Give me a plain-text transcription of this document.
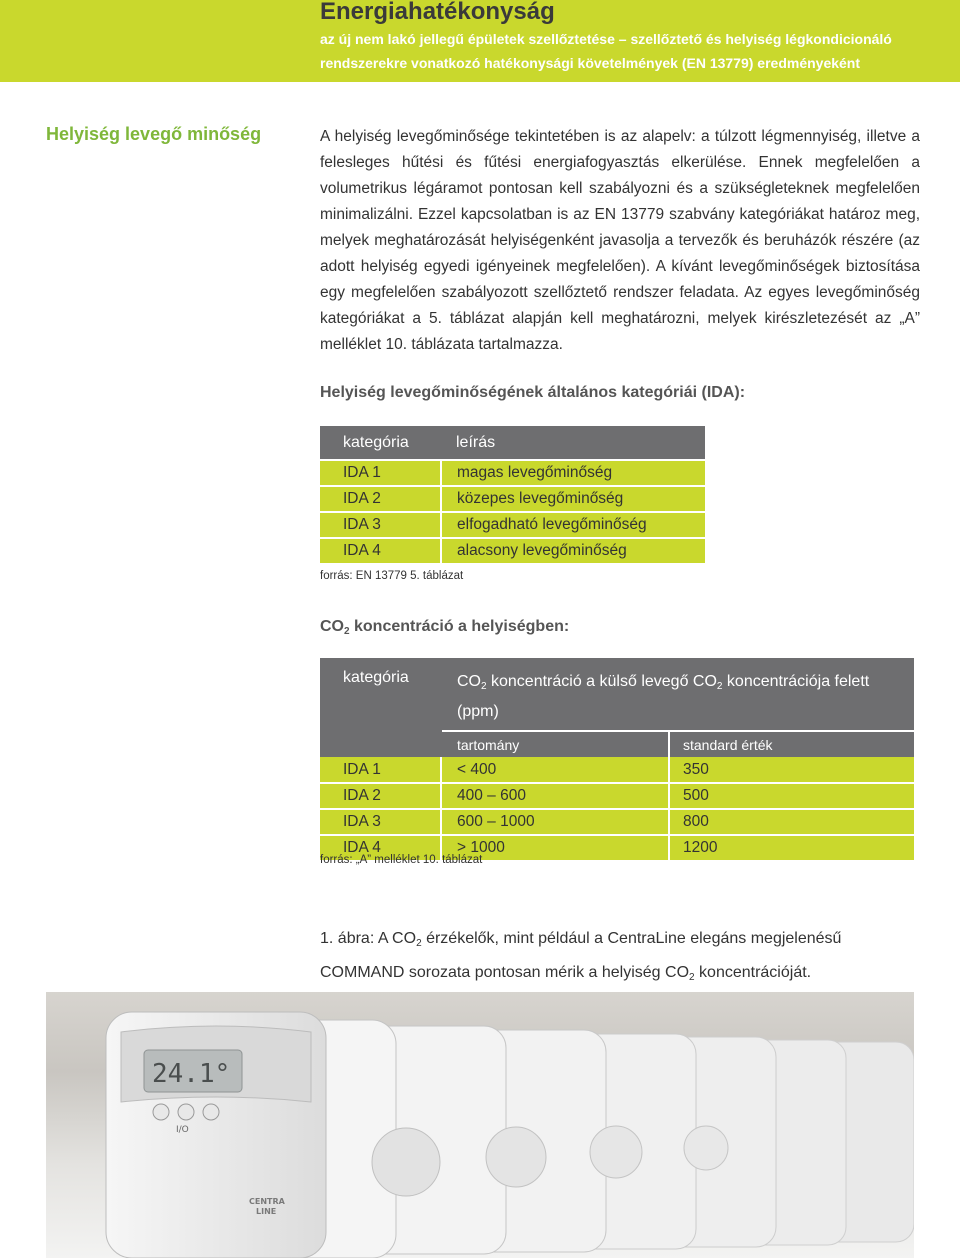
Energiahatékonyság
az új nem lakó jellegű épületek szellőztetése – szellőztető és helyiség légkondicionáló
rendszerekre vonatkozó hatékonysági követelmények (EN 13779) eredményeként
Helyiség levegő minőség	A helyiség levegőminősége tekintetében is az alapelv: a túlzott légmennyiség, illetve a felesleges hűtési és fűtési energiafogyasztás elkerülése. Ennek megfelelően a volumetrikus légáramot pontosan kell szabályozni és a szükségleteknek megfelelően minimalizálni. Ezzel kapcsolatban is az EN 13779 szabvány kategóriákat határoz meg, melyek meghatározását helyiségenként javasolja a tervezők és beruházók részére (az adott helyiség egyedi igényeinek megfelelően). A kívánt levegőminőségek biztosítása egy megfelelően szabályozott szellőztető rendszer feladata. Az egyes levegőminőség kategóriákat a 5. táblázat alapján kell meghatározni, melyek kirészletezését az „A” melléklet 10. táblázata tartalmazza.
Helyiség levegőminőségének általános kategóriái (IDA):
kategória	leírás
IDA 1	magas levegőminőség
IDA 2	közepes levegőminőség
IDA 3	elfogadható levegőminőség
IDA 4	alacsony levegőminőség
forrás: EN 13779 5. táblázat
$CO_2$ koncentráció a helyiségben:
kategória	$CO_2$ koncentráció a külső levegő $CO_2$ koncentrációja felett (ppm)	
	tartomány	standard érték
IDA 1	< 400	350
IDA 2	400 – 600	500
IDA 3	600 – 1000	800
IDA 4	> 1000	1200
forrás: „A” melléklet 10. táblázat
1. ábra: A $CO_2$ érzékelők, mint például a CentraLine elegáns megjelenésű COMMAND sorozata pontosan mérik a helyiség $CO_2$ koncentrációját.
24.1°
I/O
CENTRA
LINE
